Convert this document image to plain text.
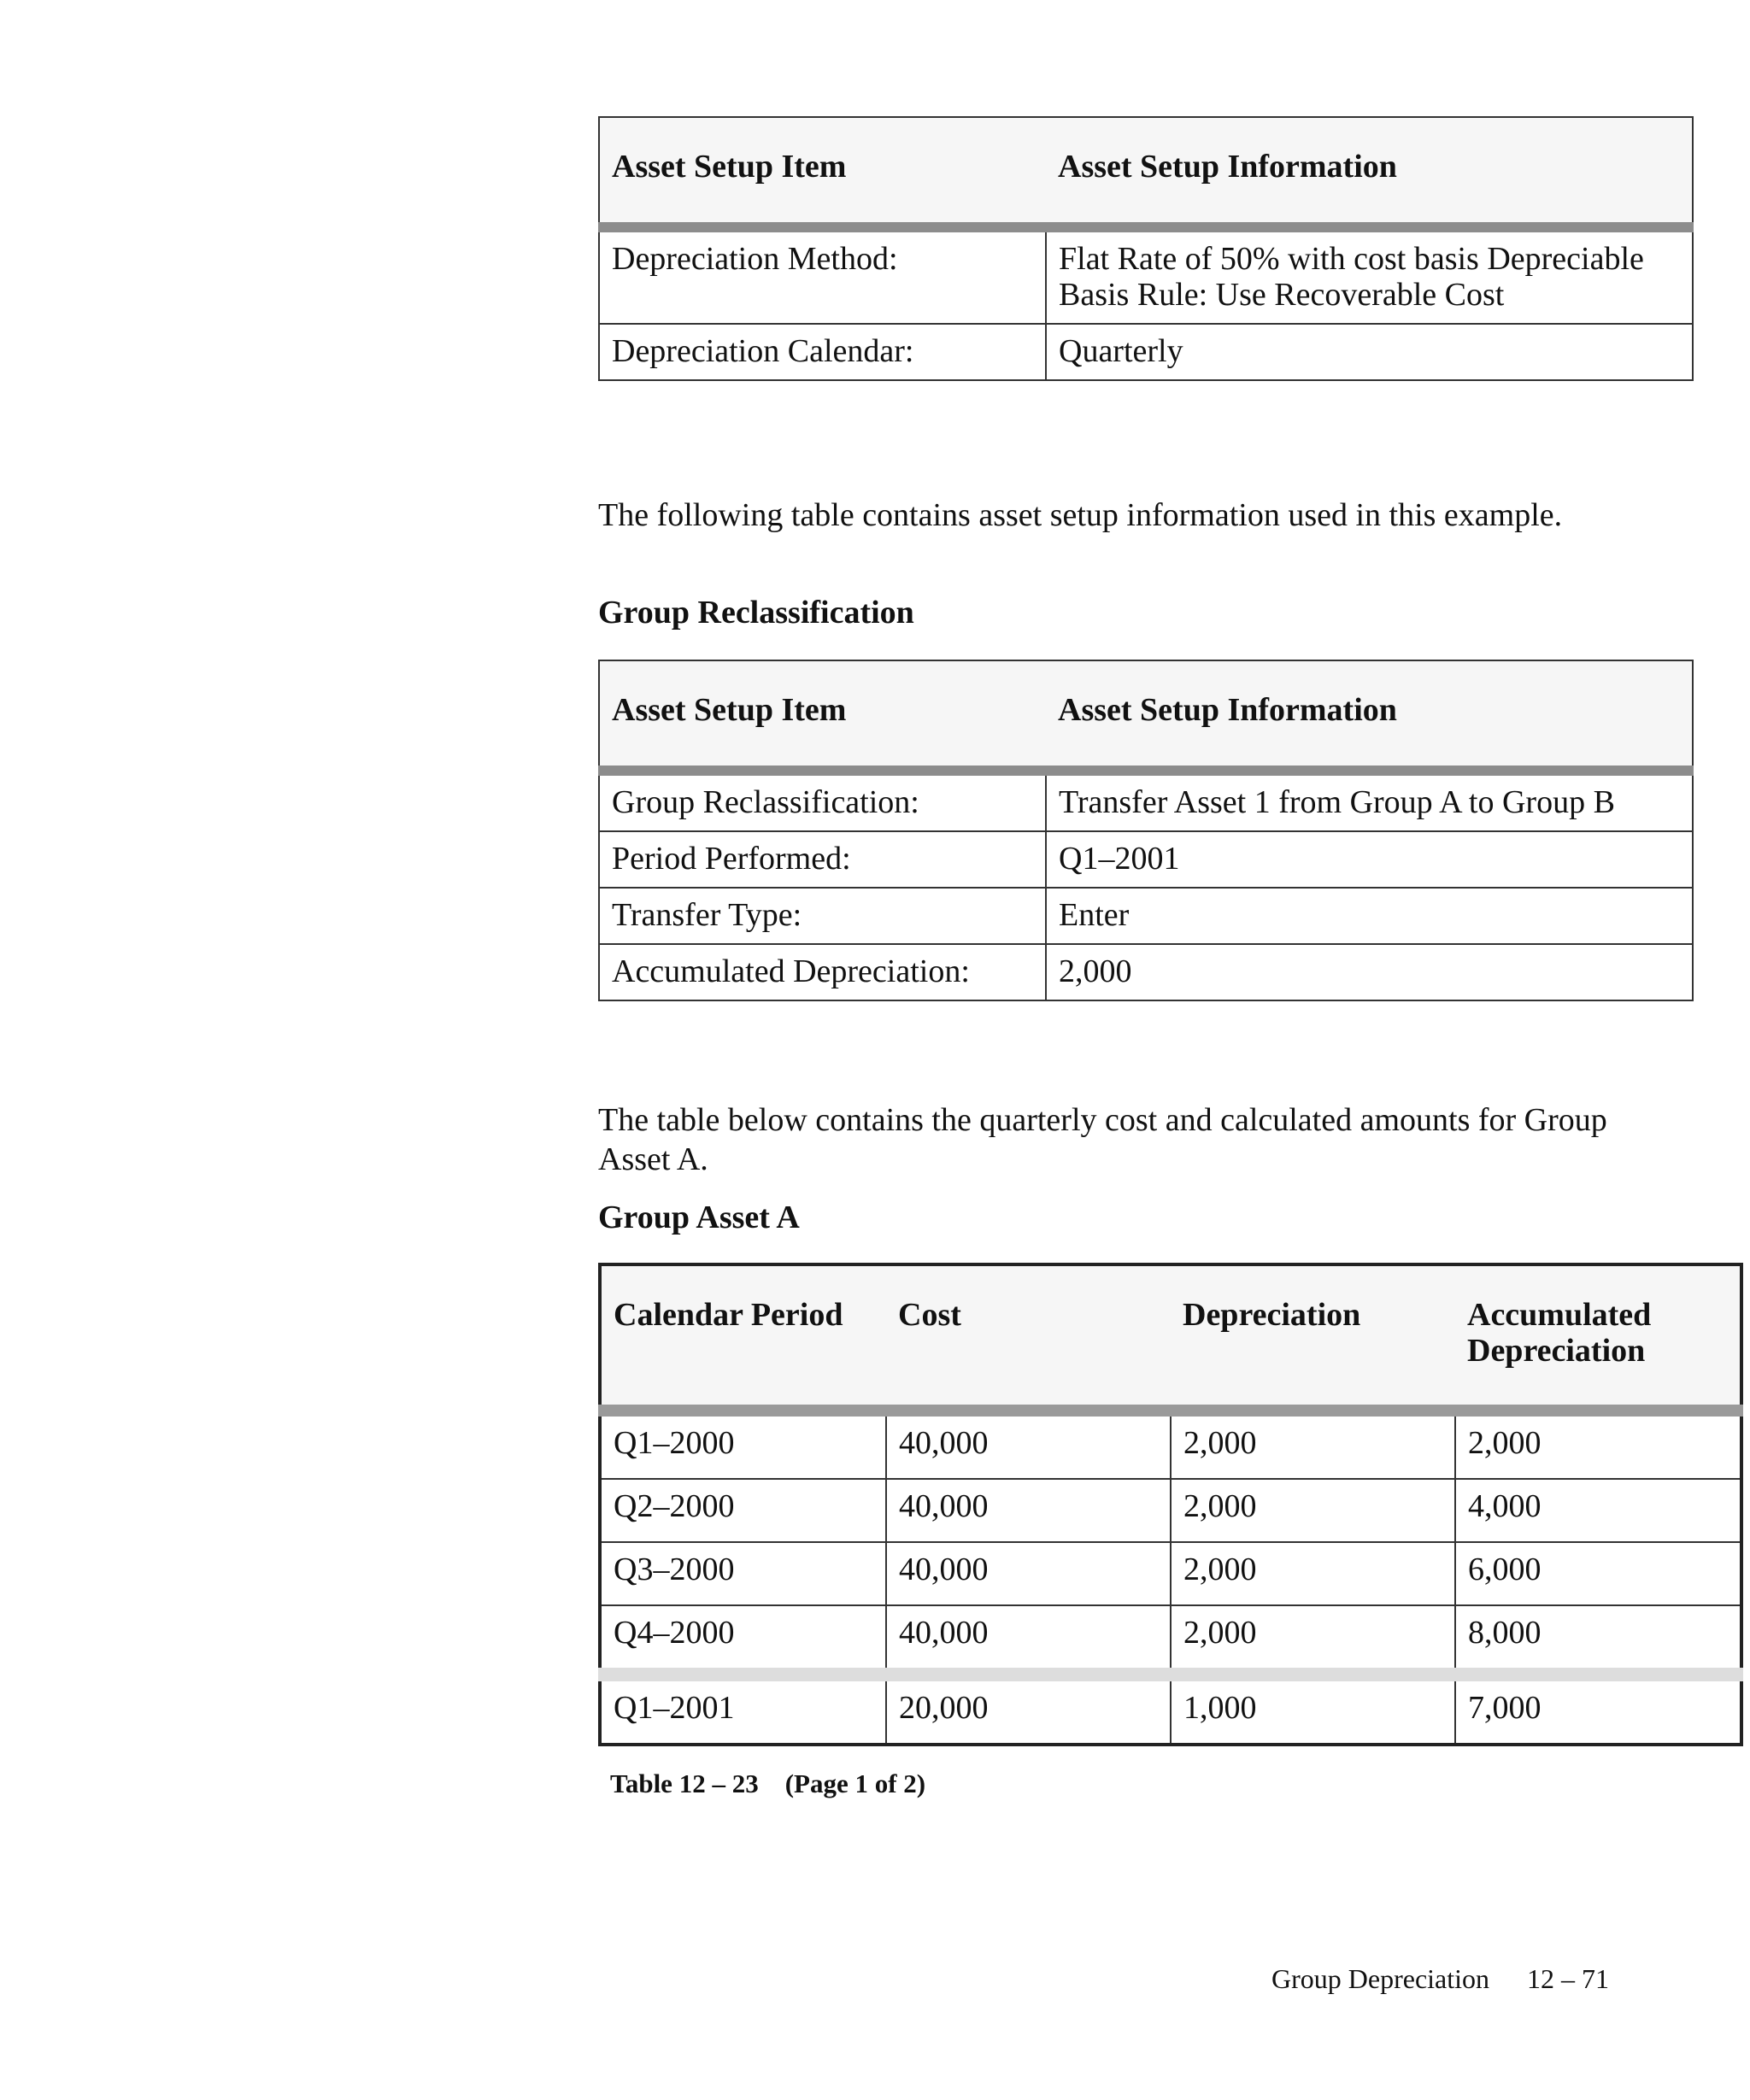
Asset Setup Item	Asset Setup Information
Depreciation Method:	Flat Rate of 50% with cost basis Depreciable Basis Rule: Use Recoverable Cost
Depreciation Calendar:	Quarterly
The following table contains asset setup information used in this example.
Group Reclassification
Asset Setup Item	Asset Setup Information
Group Reclassification:	Transfer Asset 1 from Group A to Group B
Period Performed:	Q1–2001
Transfer Type:	Enter
Accumulated Depreciation:	2,000
The table below contains the quarterly cost and calculated amounts for Group Asset A.
Group Asset A
Calendar Period	Cost	Depreciation	Accumulated Depreciation
Q1–2000	40,000	2,000	2,000
Q2–2000	40,000	2,000	4,000
Q3–2000	40,000	2,000	6,000
Q4–2000	40,000	2,000	8,000
Q1–2001	20,000	1,000	7,000
Table 12 – 23    (Page 1 of 2)
Group Depreciation 12 – 71
